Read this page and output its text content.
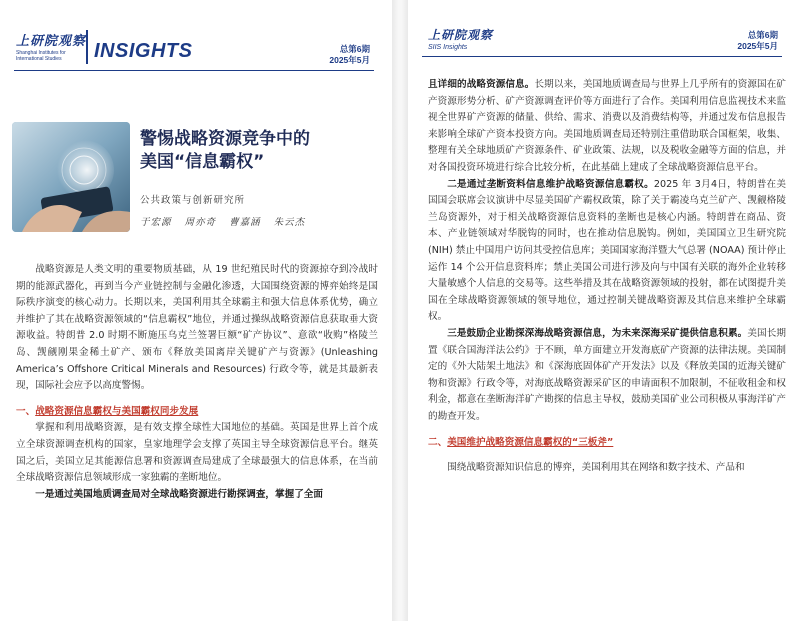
上研院观察
Shanghai Institutes for International Studies	INSIGHTS	总第6期
2025年5月
警惕战略资源竞争中的
美国“信息霸权”
公共政策与创新研究所
于宏源 周亦奇 曹嘉涵 朱云杰

战略资源是人类文明的重要物质基础，从 19 世纪殖民时代的资源掠夺到冷战时期的能源武器化，再到当今产业链控制与金融化渗透，大国围绕资源的博弈始终是国际秩序演变的核心动力。长期以来，美国利用其全球霸主和强大信息体系优势，确立并维护了其在战略资源领域的“信息霸权”地位，并通过操纵战略资源信息获取垂大资源收益。特朗普 2.0 时期不断施压乌克兰签署巨额“矿产协议”、意欲“收购”格陵兰岛、觊觎刚果金稀土矿产、颁布《释放美国离岸关键矿产与资源》(Unleashing America’s Offshore Critical Minerals and Resources) 行政令等，就是其最新表现，国际社会应予以高度警惕。

一、战略资源信息霸权与美国霸权同步发展

掌握和利用战略资源，是有效支撑全球性大国地位的基础。英国是世界上首个成立全球资源调查机构的国家，皇家地理学会支撑了英国主导全球资源信息平台。继英国之后，美国立足其能源信息署和资源调查局建成了全球最强大的信息体系，在当前全球战略资源信息领域形成一家独霸的垄断地位。

一是通过美国地质调查局对全球战略资源进行勘探调查，掌握了全面

上研院观察
SIIS Insights
总第6期
2025年5月

且详细的战略资源信息。长期以来，美国地质调查局与世界上几乎所有的资源国在矿产资源形势分析、矿产资源调查评价等方面进行了合作。美国利用信息监视技术来监视全世界矿产资源的储量、供给、需求、消费以及消费结构等，并通过发布信息报告来影响全球矿产资本投资方向。美国地质调查局还特别注重借助联合国框架，收集、整理有关全球地质矿产资源条件、矿业政策、法规，以及税收金融等方面的信息，并对各国投资环境进行综合比较分析，在此基础上建成了全球战略资源信息平台。

二是通过垄断资料信息维护战略资源信息霸权。2025 年 3月4日，特朗普在美国国会联席会议演讲中尽显美国矿产霸权政策，除了关于霸凌乌克兰矿产、觊觎格陵兰岛资源外，对于相关战略资源信息资料的垄断也是核心内涵。特朗普在商品、资本、产业链领域对华脱钩的同时，也在推动信息脱钩。例如，美国国立卫生研究院(NIH) 禁止中国用户访问其受控信息库；美国国家海洋暨大气总署 (NOAA) 预计停止运作 14 个公开信息资料库；禁止美国公司进行涉及向与中国有关联的海外企业转移大量敏感个人信息的交易等。这些举措及其在战略资源领域的投射，都在试图提升美国在全球战略资源领域的领导地位，通过控制关键战略资源及其信息来维护全球霸权。

三是鼓励企业勘探深海战略资源信息，为未来深海采矿提供信息积累。美国长期置《联合国海洋法公约》于不顾，单方面建立开发海底矿产资源的法律法规。美国制定的《外大陆架土地法》和《深海底固体矿产开发法》以及《释放美国的近海关键矿物和资源》行政令等，对海底战略资源采矿区的申请面积不加限制，不征收租金和权利金，都意在垄断海洋矿产勘探的信息主导权，鼓励美国矿业公司积极从事海洋矿产的勘查开发。

二、美国维护战略资源信息霸权的“三板斧”

围绕战略资源知识信息的博弈，美国利用其在网络和数字技术、产品和
